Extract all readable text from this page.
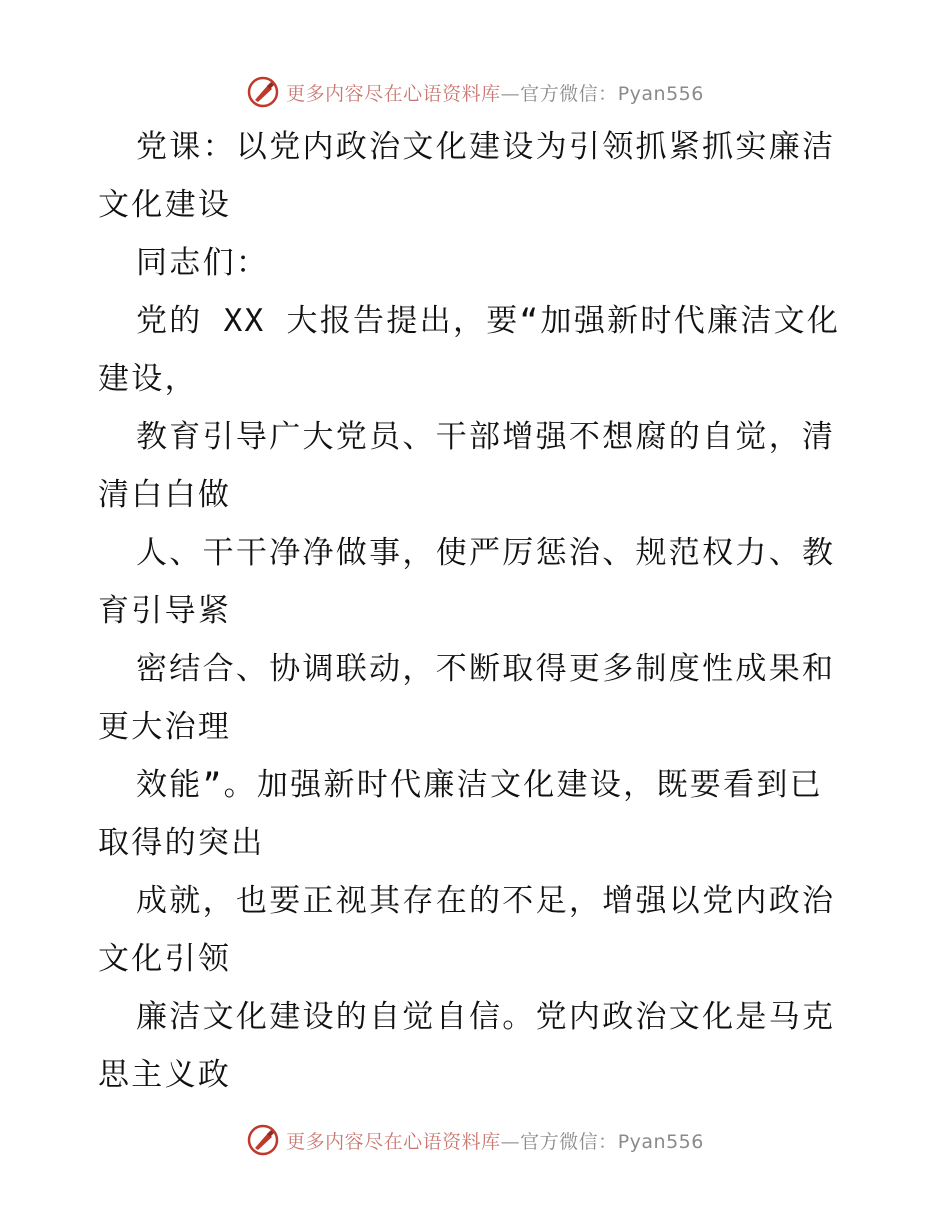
更多内容尽在心语资料库—官方微信：Pyan556
党课：以党内政治文化建设为引领抓紧抓实廉洁
文化建设
同志们：
党的 XX 大报告提出，要“加强新时代廉洁文化
建设，
教育引导广大党员、干部增强不想腐的自觉，清
清白白做
人、干干净净做事，使严厉惩治、规范权力、教
育引导紧
密结合、协调联动，不断取得更多制度性成果和
更大治理
效能”。加强新时代廉洁文化建设，既要看到已
取得的突出
成就，也要正视其存在的不足，增强以党内政治
文化引领
廉洁文化建设的自觉自信。党内政治文化是马克
思主义政
更多内容尽在心语资料库—官方微信：Pyan556
